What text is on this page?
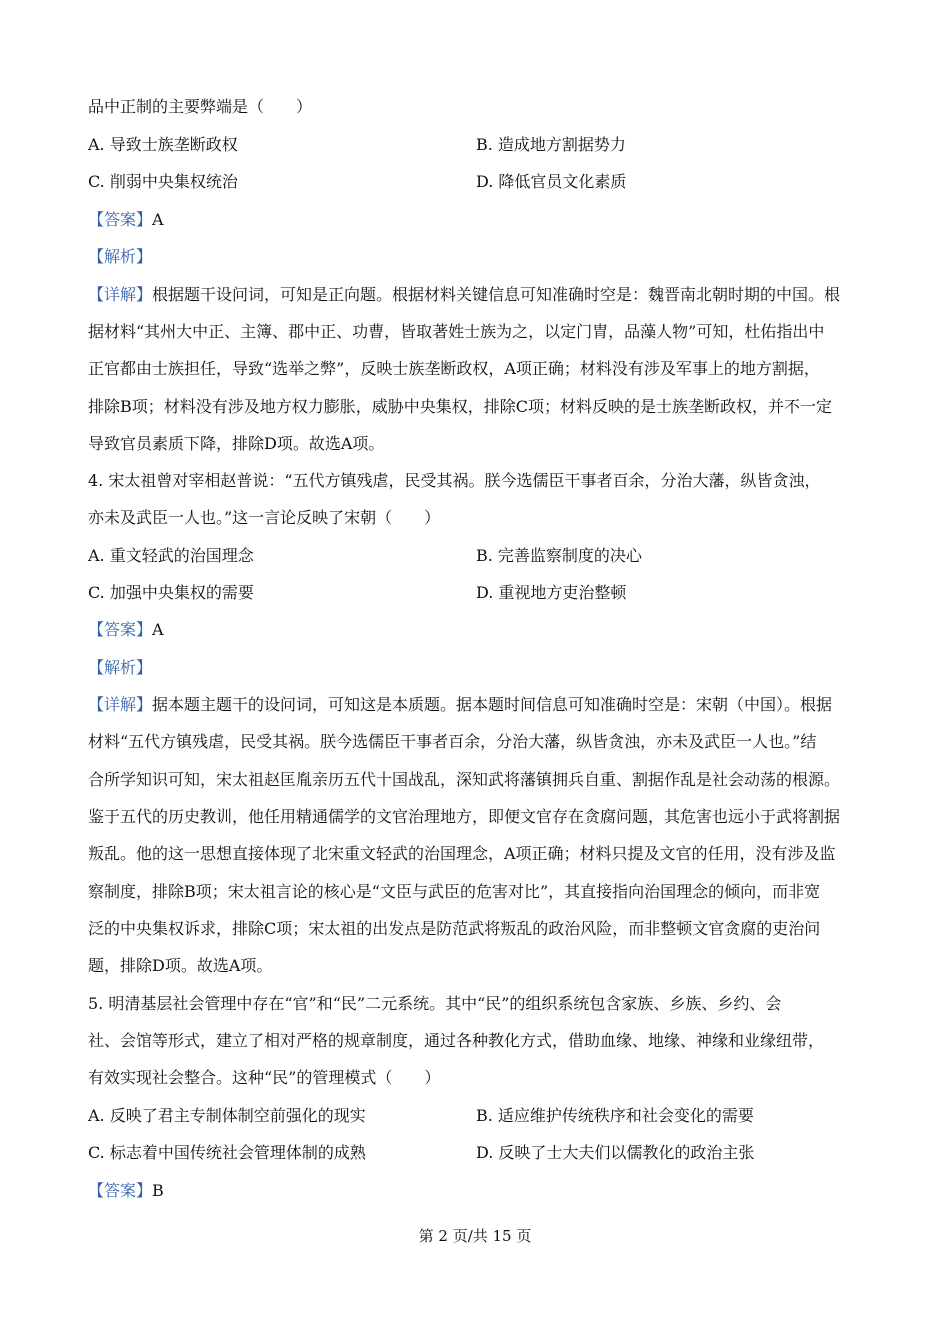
品中正制的主要弊端是（　　）
A. 导致士族垄断政权	B. 造成地方割据势力
C. 削弱中央集权统治	D. 降低官员文化素质
【答案】A
【解析】
【详解】根据题干设问词，可知是正向题。根据材料关键信息可知准确时空是：魏晋南北朝时期的中国。根
据材料“其州大中正、主簿、郡中正、功曹，皆取著姓士族为之，以定门胄，品藻人物”可知，杜佑指出中
正官都由士族担任，导致“选举之弊”，反映士族垄断政权，A项正确；材料没有涉及军事上的地方割据，
排除B项；材料没有涉及地方权力膨胀，威胁中央集权，排除C项；材料反映的是士族垄断政权，并不一定
导致官员素质下降，排除D项。故选A项。
4. 宋太祖曾对宰相赵普说：“五代方镇残虐，民受其祸。朕今选儒臣干事者百余，分治大藩，纵皆贪浊，
亦未及武臣一人也。”这一言论反映了宋朝（　　）
A. 重文轻武的治国理念	B. 完善监察制度的决心
C. 加强中央集权的需要	D. 重视地方吏治整顿
【答案】A
【解析】
【详解】据本题主题干的设问词，可知这是本质题。据本题时间信息可知准确时空是：宋朝（中国）。根据
材料“五代方镇残虐，民受其祸。朕今选儒臣干事者百余，分治大藩，纵皆贪浊，亦未及武臣一人也。”结
合所学知识可知，宋太祖赵匡胤亲历五代十国战乱，深知武将藩镇拥兵自重、割据作乱是社会动荡的根源。
鉴于五代的历史教训，他任用精通儒学的文官治理地方，即便文官存在贪腐问题，其危害也远小于武将割据
叛乱。他的这一思想直接体现了北宋重文轻武的治国理念，A项正确；材料只提及文官的任用，没有涉及监
察制度，排除B项；宋太祖言论的核心是“文臣与武臣的危害对比”，其直接指向治国理念的倾向，而非宽
泛的中央集权诉求，排除C项；宋太祖的出发点是防范武将叛乱的政治风险，而非整顿文官贪腐的吏治问
题，排除D项。故选A项。
5. 明清基层社会管理中存在“官”和“民”二元系统。其中“民”的组织系统包含家族、乡族、乡约、会
社、会馆等形式，建立了相对严格的规章制度，通过各种教化方式，借助血缘、地缘、神缘和业缘纽带，
有效实现社会整合。这种“民”的管理模式（　　）
A. 反映了君主专制体制空前强化的现实	B. 适应维护传统秩序和社会变化的需要
C. 标志着中国传统社会管理体制的成熟	D. 反映了士大夫们以儒教化的政治主张
【答案】B
第 2 页/共 15 页
